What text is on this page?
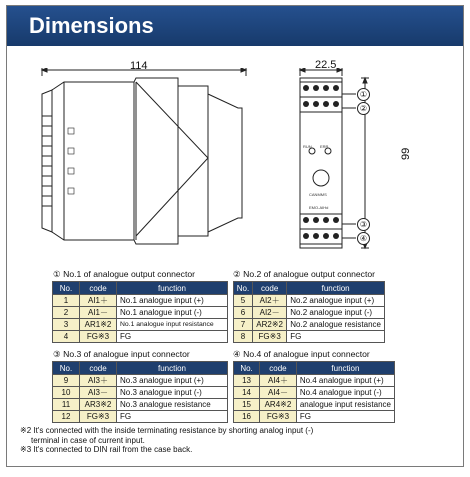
Dimensions
114	22.5
99
RUN ERR
CANMMS
EMO-AIHd
①
②
③
④
① No.1 of analogue output connector
No.	code	function
1	AI1＋	No.1 analogue input (+)
2	AI1－	No.1 analogue input (-)
3	AR1※2	No.1 analogue input resistance
4	FG※3	FG
② No.2 of analogue output connector
No.	code	function
5	AI2＋	No.2 analogue input (+)
6	AI2－	No.2 analogue input (-)
7	AR2※2	No.2 analogue resistance
8	FG※3	FG
③ No.3 of analogue input connector
No.	code	function
9	AI3＋	No.3 analogue input (+)
10	AI3－	No.3 analogue input (-)
11	AR3※2	No.3 analogue resistance
12	FG※3	FG
④ No.4 of analogue input connector
No.	code	function
13	AI4＋	No.4 analogue input (+)
14	AI4－	No.4 analogue input (-)
15	AR4※2	analogue input resistance
16	FG※3	FG
※2 It's connected with the inside terminating resistance by shorting analog input (-)
terminal in case of current input.
※3 It's connected to DIN rail from the case back.
